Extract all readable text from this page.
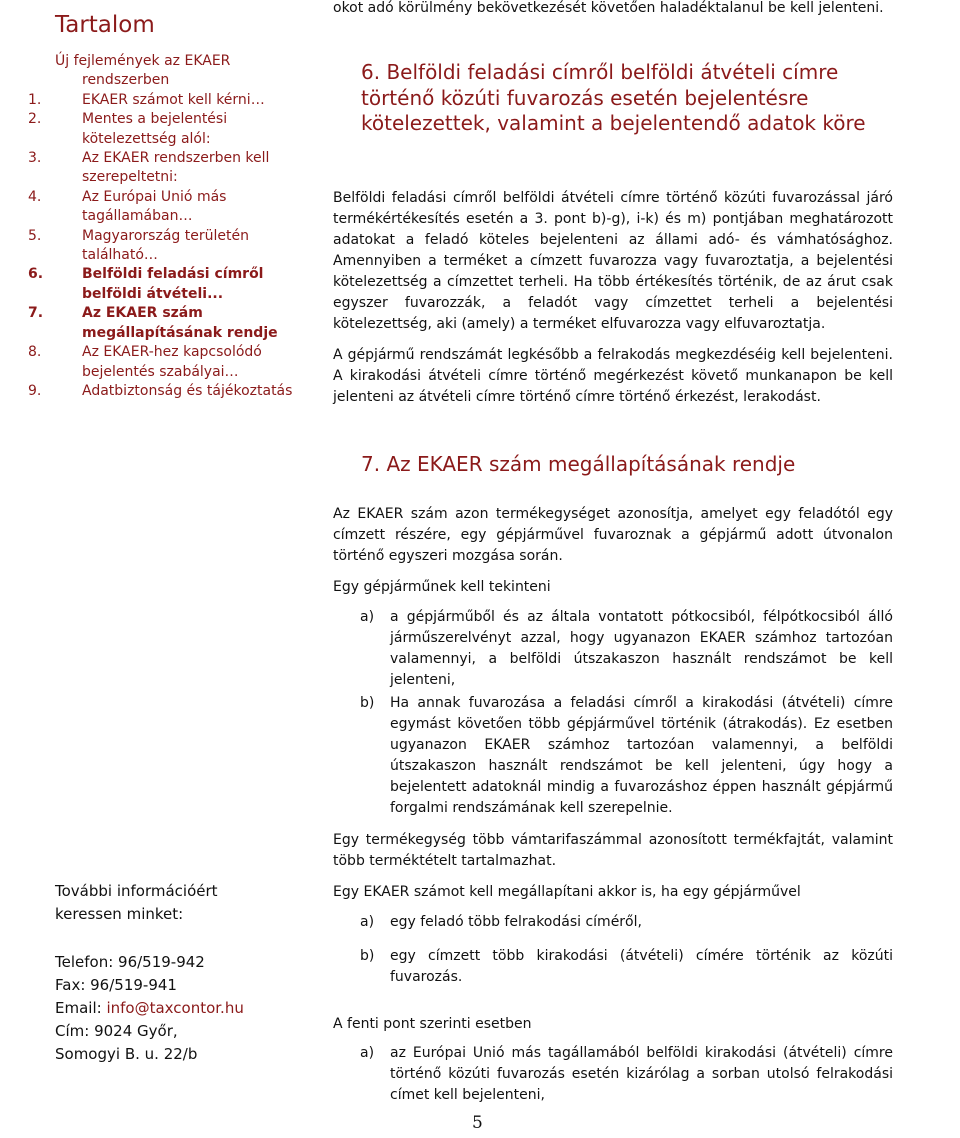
Tartalom
Új fejlemények az EKAER
rendszerben
1.	EKAER számot kell kérni…
2.	Mentes a bejelentési kötelezettség alól:
3.	Az EKAER rendszerben kell szerepeltetni:
4.	Az Európai Unió más tagállamában…
5.	Magyarország területén található…
6.	Belföldi feladási címről belföldi átvételi...
7.	Az EKAER szám megállapításának rendje
8.	Az EKAER-hez kapcsolódó bejelentés szabályai…
9.	Adatbiztonság és tájékoztatás
További információért
keressen minket:
Telefon: 96/519-942
Fax: 96/519-941
Email: info@taxcontor.hu
Cím: 9024 Győr,
Somogyi B. u. 22/b

okot adó körülmény bekövetkezését követően haladéktalanul be kell jelenteni.

6. Belföldi feladási címről belföldi átvételi címre történő közúti fuvarozás esetén bejelentésre kötelezettek, valamint a bejelentendő adatok köre

Belföldi feladási címről belföldi átvételi címre történő közúti fuvarozással járó termékértékesítés esetén a 3. pont b)-g), i-k) és m) pontjában meghatározott adatokat a feladó köteles bejelenteni az állami adó- és vámhatósághoz. Amennyiben a terméket a címzett fuvarozza vagy fuvaroztatja, a bejelentési kötelezettség a címzettet terheli. Ha több értékesítés történik, de az árut csak egyszer fuvarozzák, a feladót vagy címzettet terheli a bejelentési kötelezettség, aki (amely) a terméket elfuvarozza vagy elfuvaroztatja.

A gépjármű rendszámát legkésőbb a felrakodás megkezdéséig kell bejelenteni. A kirakodási átvételi címre történő megérkezést követő munkanapon be kell jelenteni az átvételi címre történő címre történő érkezést, lerakodást.

7. Az EKAER szám megállapításának rendje

Az EKAER szám azon termékegységet azonosítja, amelyet egy feladótól egy címzett részére, egy gépjárművel fuvaroznak a gépjármű adott útvonalon történő egyszeri mozgása során.

Egy gépjárműnek kell tekinteni

a) a gépjárműből és az általa vontatott pótkocsiból, félpótkocsiból álló járműszerelvényt azzal, hogy ugyanazon EKAER számhoz tartozóan valamennyi, a belföldi útszakaszon használt rendszámot be kell jelenteni,
b) Ha annak fuvarozása a feladási címről a kirakodási (átvételi) címre egymást követően több gépjárművel történik (átrakodás). Ez esetben ugyanazon EKAER számhoz tartozóan valamennyi, a belföldi útszakaszon használt rendszámot be kell jelenteni, úgy hogy a bejelentett adatoknál mindig a fuvarozáshoz éppen használt gépjármű forgalmi rendszámának kell szerepelnie.

Egy termékegység több vámtarifaszámmal azonosított termékfajtát, valamint több terméktételt tartalmazhat.

Egy EKAER számot kell megállapítani akkor is, ha egy gépjárművel

a) egy feladó több felrakodási címéről,
b) egy címzett több kirakodási (átvételi) címére történik az közúti fuvarozás.

A fenti pont szerinti esetben

a) az Európai Unió más tagállamából belföldi kirakodási (átvételi) címre történő közúti fuvarozás esetén kizárólag a sorban utolsó felrakodási címet kell bejelenteni,
5
